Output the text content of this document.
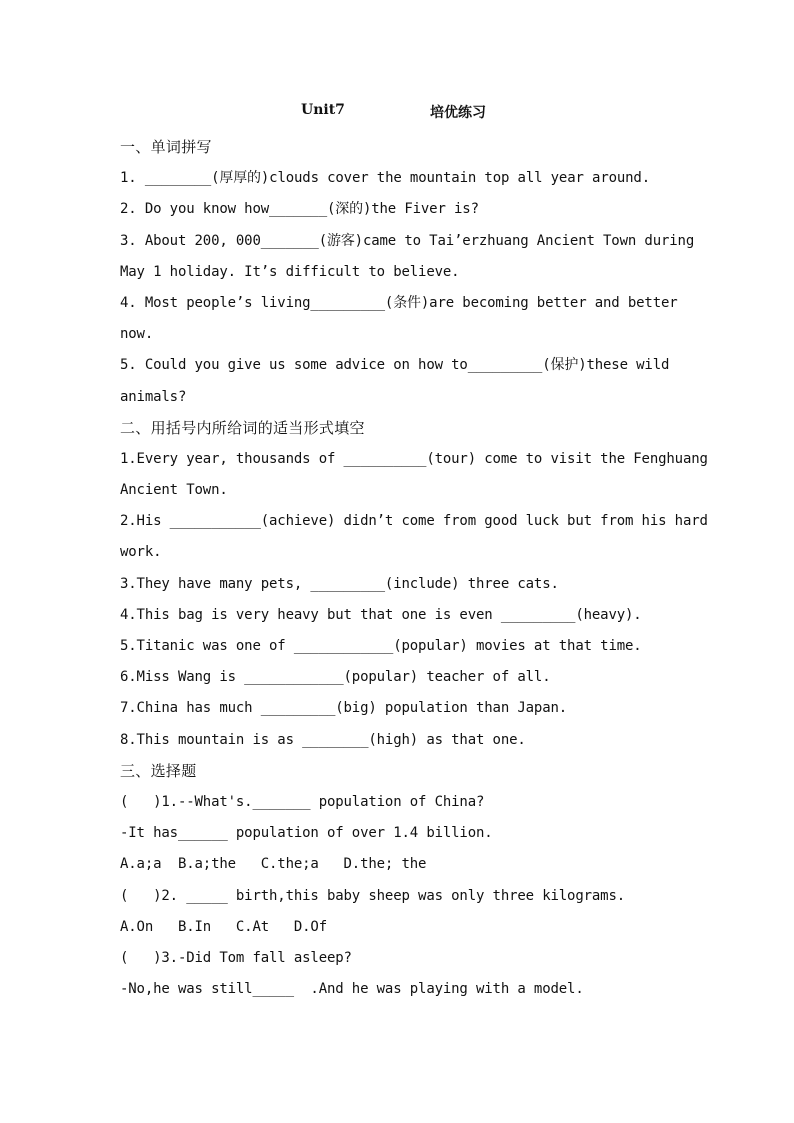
Unit7	培优练习
一、单词拼写
1. ________(厚厚的)clouds cover the mountain top all year around.
2. Do you know how_______(深的)the Fiver is?
3. About 200, 000_______(游客)came to Tai’erzhuang Ancient Town during
May 1 holiday. It’s difficult to believe.
4. Most people’s living_________(条件)are becoming better and better
now.
5. Could you give us some advice on how to_________(保护)these wild
animals?
二、用括号内所给词的适当形式填空
1.Every year, thousands of __________(tour) come to visit the Fenghuang
Ancient Town.
2.His ___________(achieve) didn’t come from good luck but from his hard
work.
3.They have many pets, _________(include) three cats.
4.This bag is very heavy but that one is even _________(heavy).
5.Titanic was one of ____________(popular) movies at that time.
6.Miss Wang is ____________(popular) teacher of all.
7.China has much _________(big) population than Japan.
8.This mountain is as ________(high) as that one.
三、选择题
(   )1.--What's._______ population of China?
-It has______ population of over 1.4 billion.
A.a;a  B.a;the   C.the;a   D.the; the
(   )2. _____ birth,this baby sheep was only three kilograms.
A.On   B.In   C.At   D.Of
(   )3.-Did Tom fall asleep?
-No,he was still_____  .And he was playing with a model.
